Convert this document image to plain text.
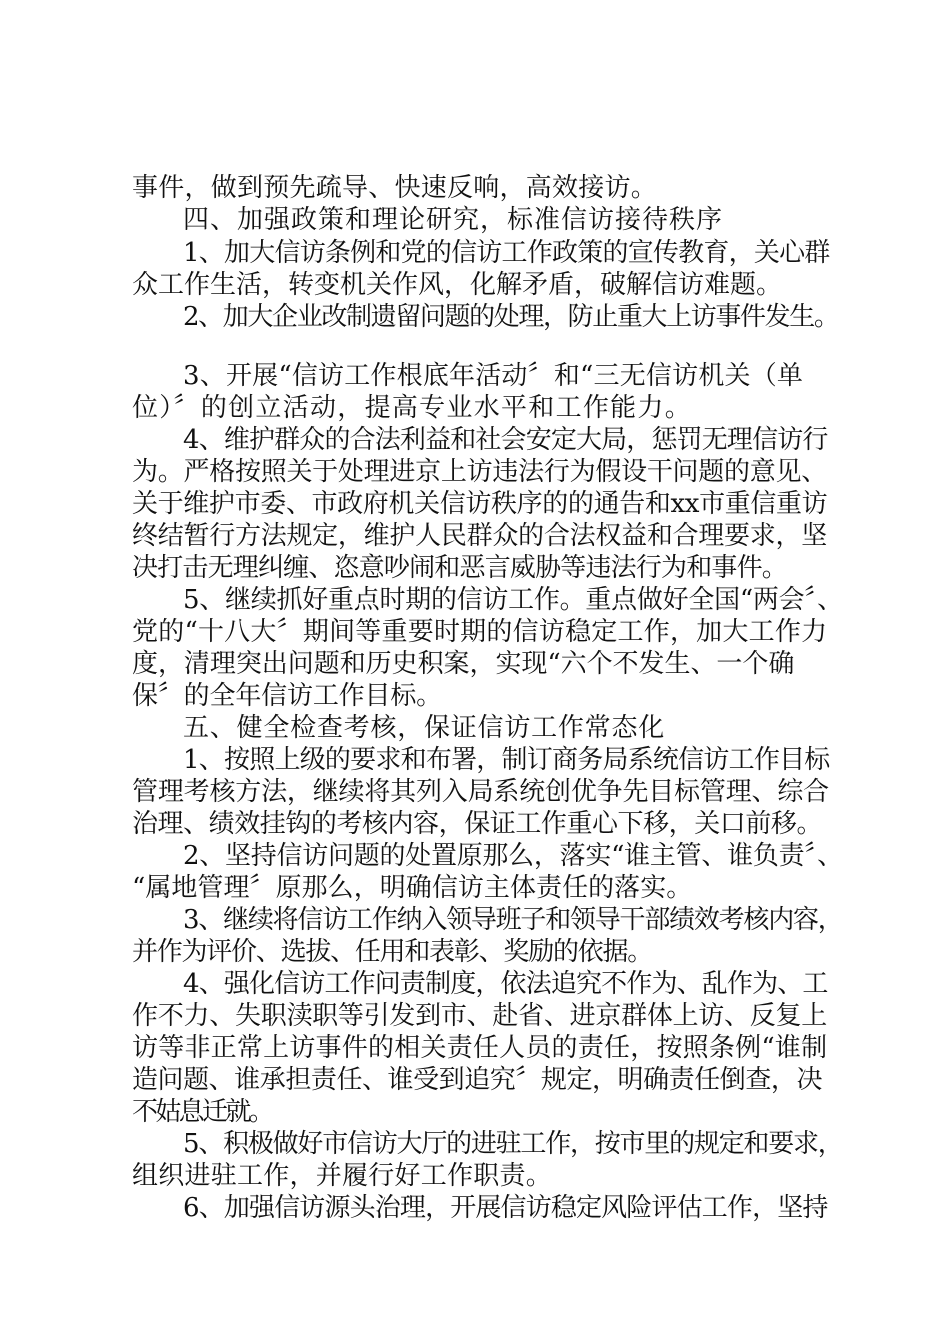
事件，做到预先疏导、快速反响，高效接访。
四、加强政策和理论研究，标准信访接待秩序
1、加大信访条例和党的信访工作政策的宣传教育，关心群
众工作生活，转变机关作风，化解矛盾，破解信访难题。
2、加大企业改制遗留问题的处理，防止重大上访事件发生。
3、开展“信访工作根底年活动〞和“三无信访机关（单
位）〞的创立活动，提高专业水平和工作能力。
4、维护群众的合法利益和社会安定大局，惩罚无理信访行
为。严格按照关于处理进京上访违法行为假设干问题的意见、
关于维护市委、市政府机关信访秩序的的通告和xx市重信重访
终结暂行方法规定，维护人民群众的合法权益和合理要求，坚
决打击无理纠缠、恣意吵闹和恶言威胁等违法行为和事件。
5、继续抓好重点时期的信访工作。重点做好全国“两会〞、
党的“十八大〞期间等重要时期的信访稳定工作，加大工作力
度，清理突出问题和历史积案，实现“六个不发生、一个确
保〞的全年信访工作目标。
五、健全检查考核，保证信访工作常态化
1、按照上级的要求和布署，制订商务局系统信访工作目标
管理考核方法，继续将其列入局系统创优争先目标管理、综合
治理、绩效挂钩的考核内容，保证工作重心下移，关口前移。
2、坚持信访问题的处置原那么，落实“谁主管、谁负责〞、
“属地管理〞原那么，明确信访主体责任的落实。
3、继续将信访工作纳入领导班子和领导干部绩效考核内容，
并作为评价、选拔、任用和表彰、奖励的依据。
4、强化信访工作问责制度，依法追究不作为、乱作为、工
作不力、失职渎职等引发到市、赴省、进京群体上访、反复上
访等非正常上访事件的相关责任人员的责任，按照条例“谁制
造问题、谁承担责任、谁受到追究〞规定，明确责任倒查，决
不姑息迁就。
5、积极做好市信访大厅的进驻工作，按市里的规定和要求，
组织进驻工作，并履行好工作职责。
6、加强信访源头治理，开展信访稳定风险评估工作，坚持
